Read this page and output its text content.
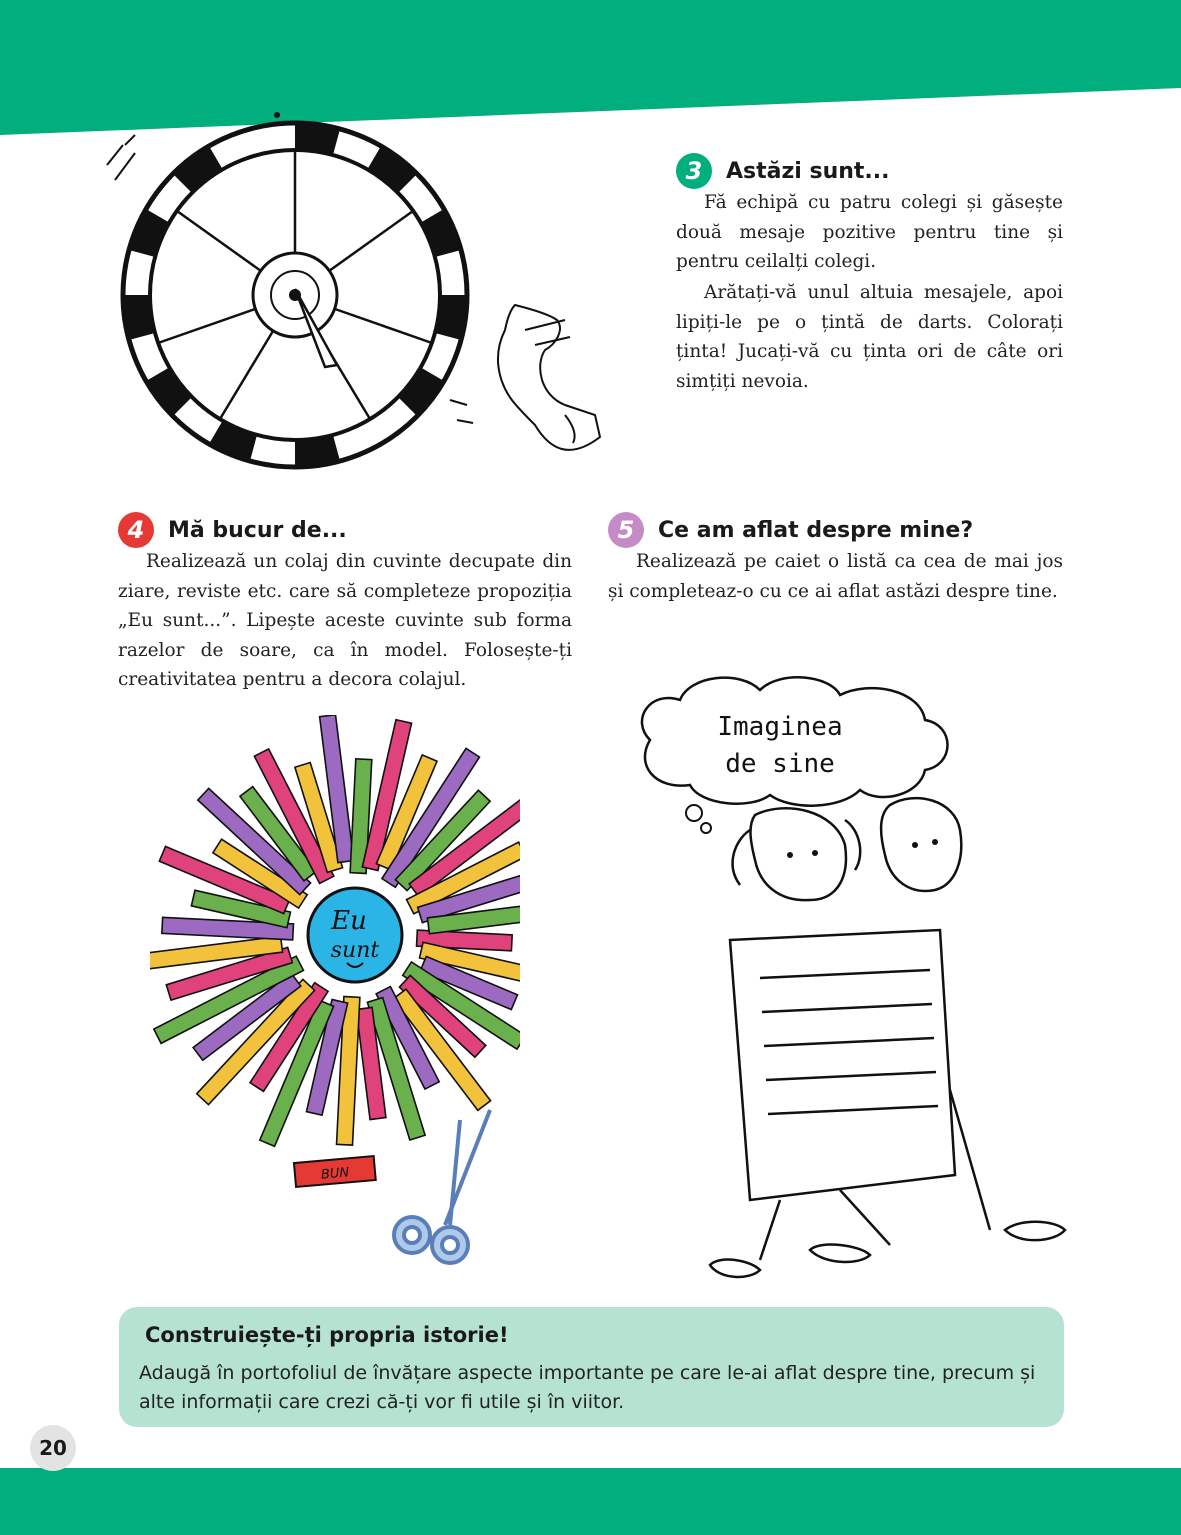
3	Astăzi sunt...

Fă echipă cu patru colegi și găsește două mesaje pozitive pentru tine și pentru ceilalți colegi.

Arătați-vă unul altuia mesajele, apoi lipiți-le pe o țintă de darts. Colorați ținta! Jucați-vă cu ținta ori de câte ori simțiți nevoia.

4	Mă bucur de...

Realizează un colaj din cuvinte decupate din ziare, reviste etc. care să completeze propoziția „Eu sunt...”. Lipește aceste cuvinte sub forma razelor de soare, ca în model. Folosește-ți creativitatea pentru a decora colajul.

5	Ce am aflat despre mine?

Realizează pe caiet o listă ca cea de mai jos și completeaz-o cu ce ai aflat astăzi despre tine.

Eu
sunt
BUN
Imaginea
de sine
Construiește-ți propria istorie!

Adaugă în portofoliul de învățare aspecte importante pe care le-ai aflat despre tine, precum și alte informații care crezi că-ți vor fi utile și în viitor.

20
